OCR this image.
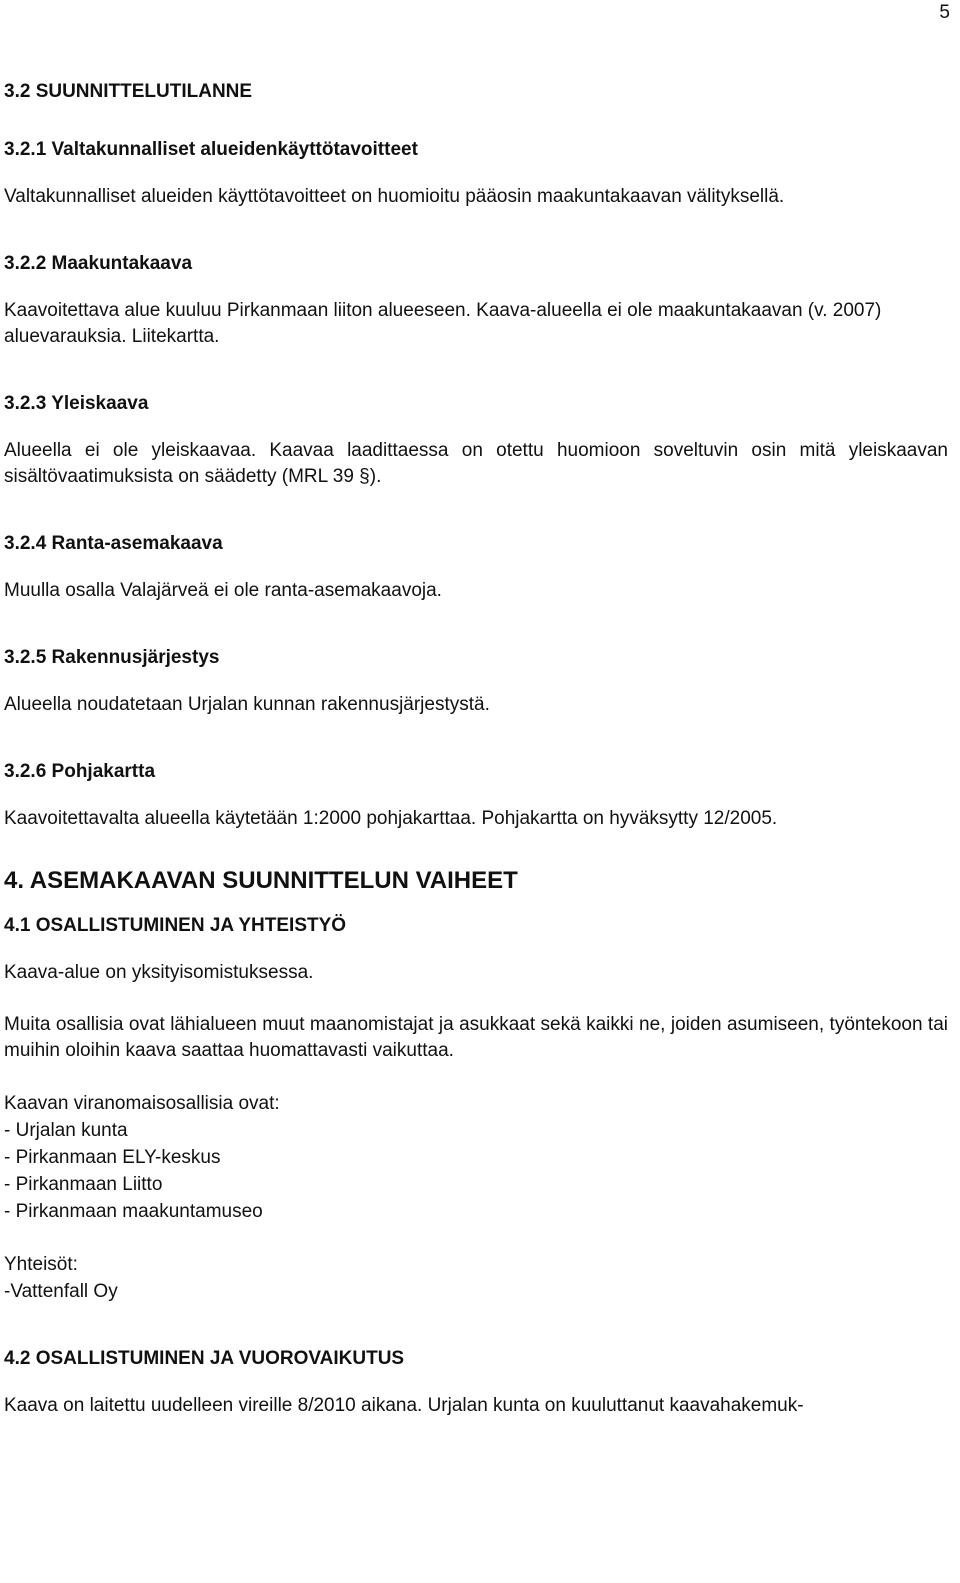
5
3.2 SUUNNITTELUTILANNE
3.2.1 Valtakunnalliset alueidenkäyttötavoitteet

Valtakunnalliset alueiden käyttötavoitteet on huomioitu pääosin maakuntakaavan välityksellä.

3.2.2 Maakuntakaava

Kaavoitettava alue kuuluu Pirkanmaan liiton alueeseen. Kaava-alueella ei ole maakuntakaavan (v. 2007) aluevarauksia. Liitekartta.

3.2.3 Yleiskaava

Alueella ei ole yleiskaavaa. Kaavaa laadittaessa on otettu huomioon soveltuvin osin mitä yleiskaavan sisältövaatimuksista on säädetty (MRL 39 §).

3.2.4 Ranta-asemakaava

Muulla osalla Valajärveä ei ole ranta-asemakaavoja.

3.2.5 Rakennusjärjestys

Alueella noudatetaan Urjalan kunnan rakennusjärjestystä.

3.2.6 Pohjakartta

Kaavoitettavalta alueella käytetään 1:2000 pohjakarttaa. Pohjakartta on hyväksytty 12/2005.

4. ASEMAKAAVAN SUUNNITTELUN VAIHEET
4.1 OSALLISTUMINEN JA YHTEISTYÖ

Kaava-alue on yksityisomistuksessa.

Muita osallisia ovat lähialueen muut maanomistajat ja asukkaat sekä kaikki ne, joiden asumiseen, työntekoon tai muihin oloihin kaava saattaa huomattavasti vaikuttaa.

Kaavan viranomaisosallisia ovat:
- Urjalan kunta
- Pirkanmaan ELY-keskus
- Pirkanmaan Liitto
- Pirkanmaan maakuntamuseo
Yhteisöt:
-Vattenfall Oy
4.2 OSALLISTUMINEN JA VUOROVAIKUTUS

Kaava on laitettu uudelleen vireille 8/2010 aikana. Urjalan kunta on kuuluttanut kaavahakemuk-
